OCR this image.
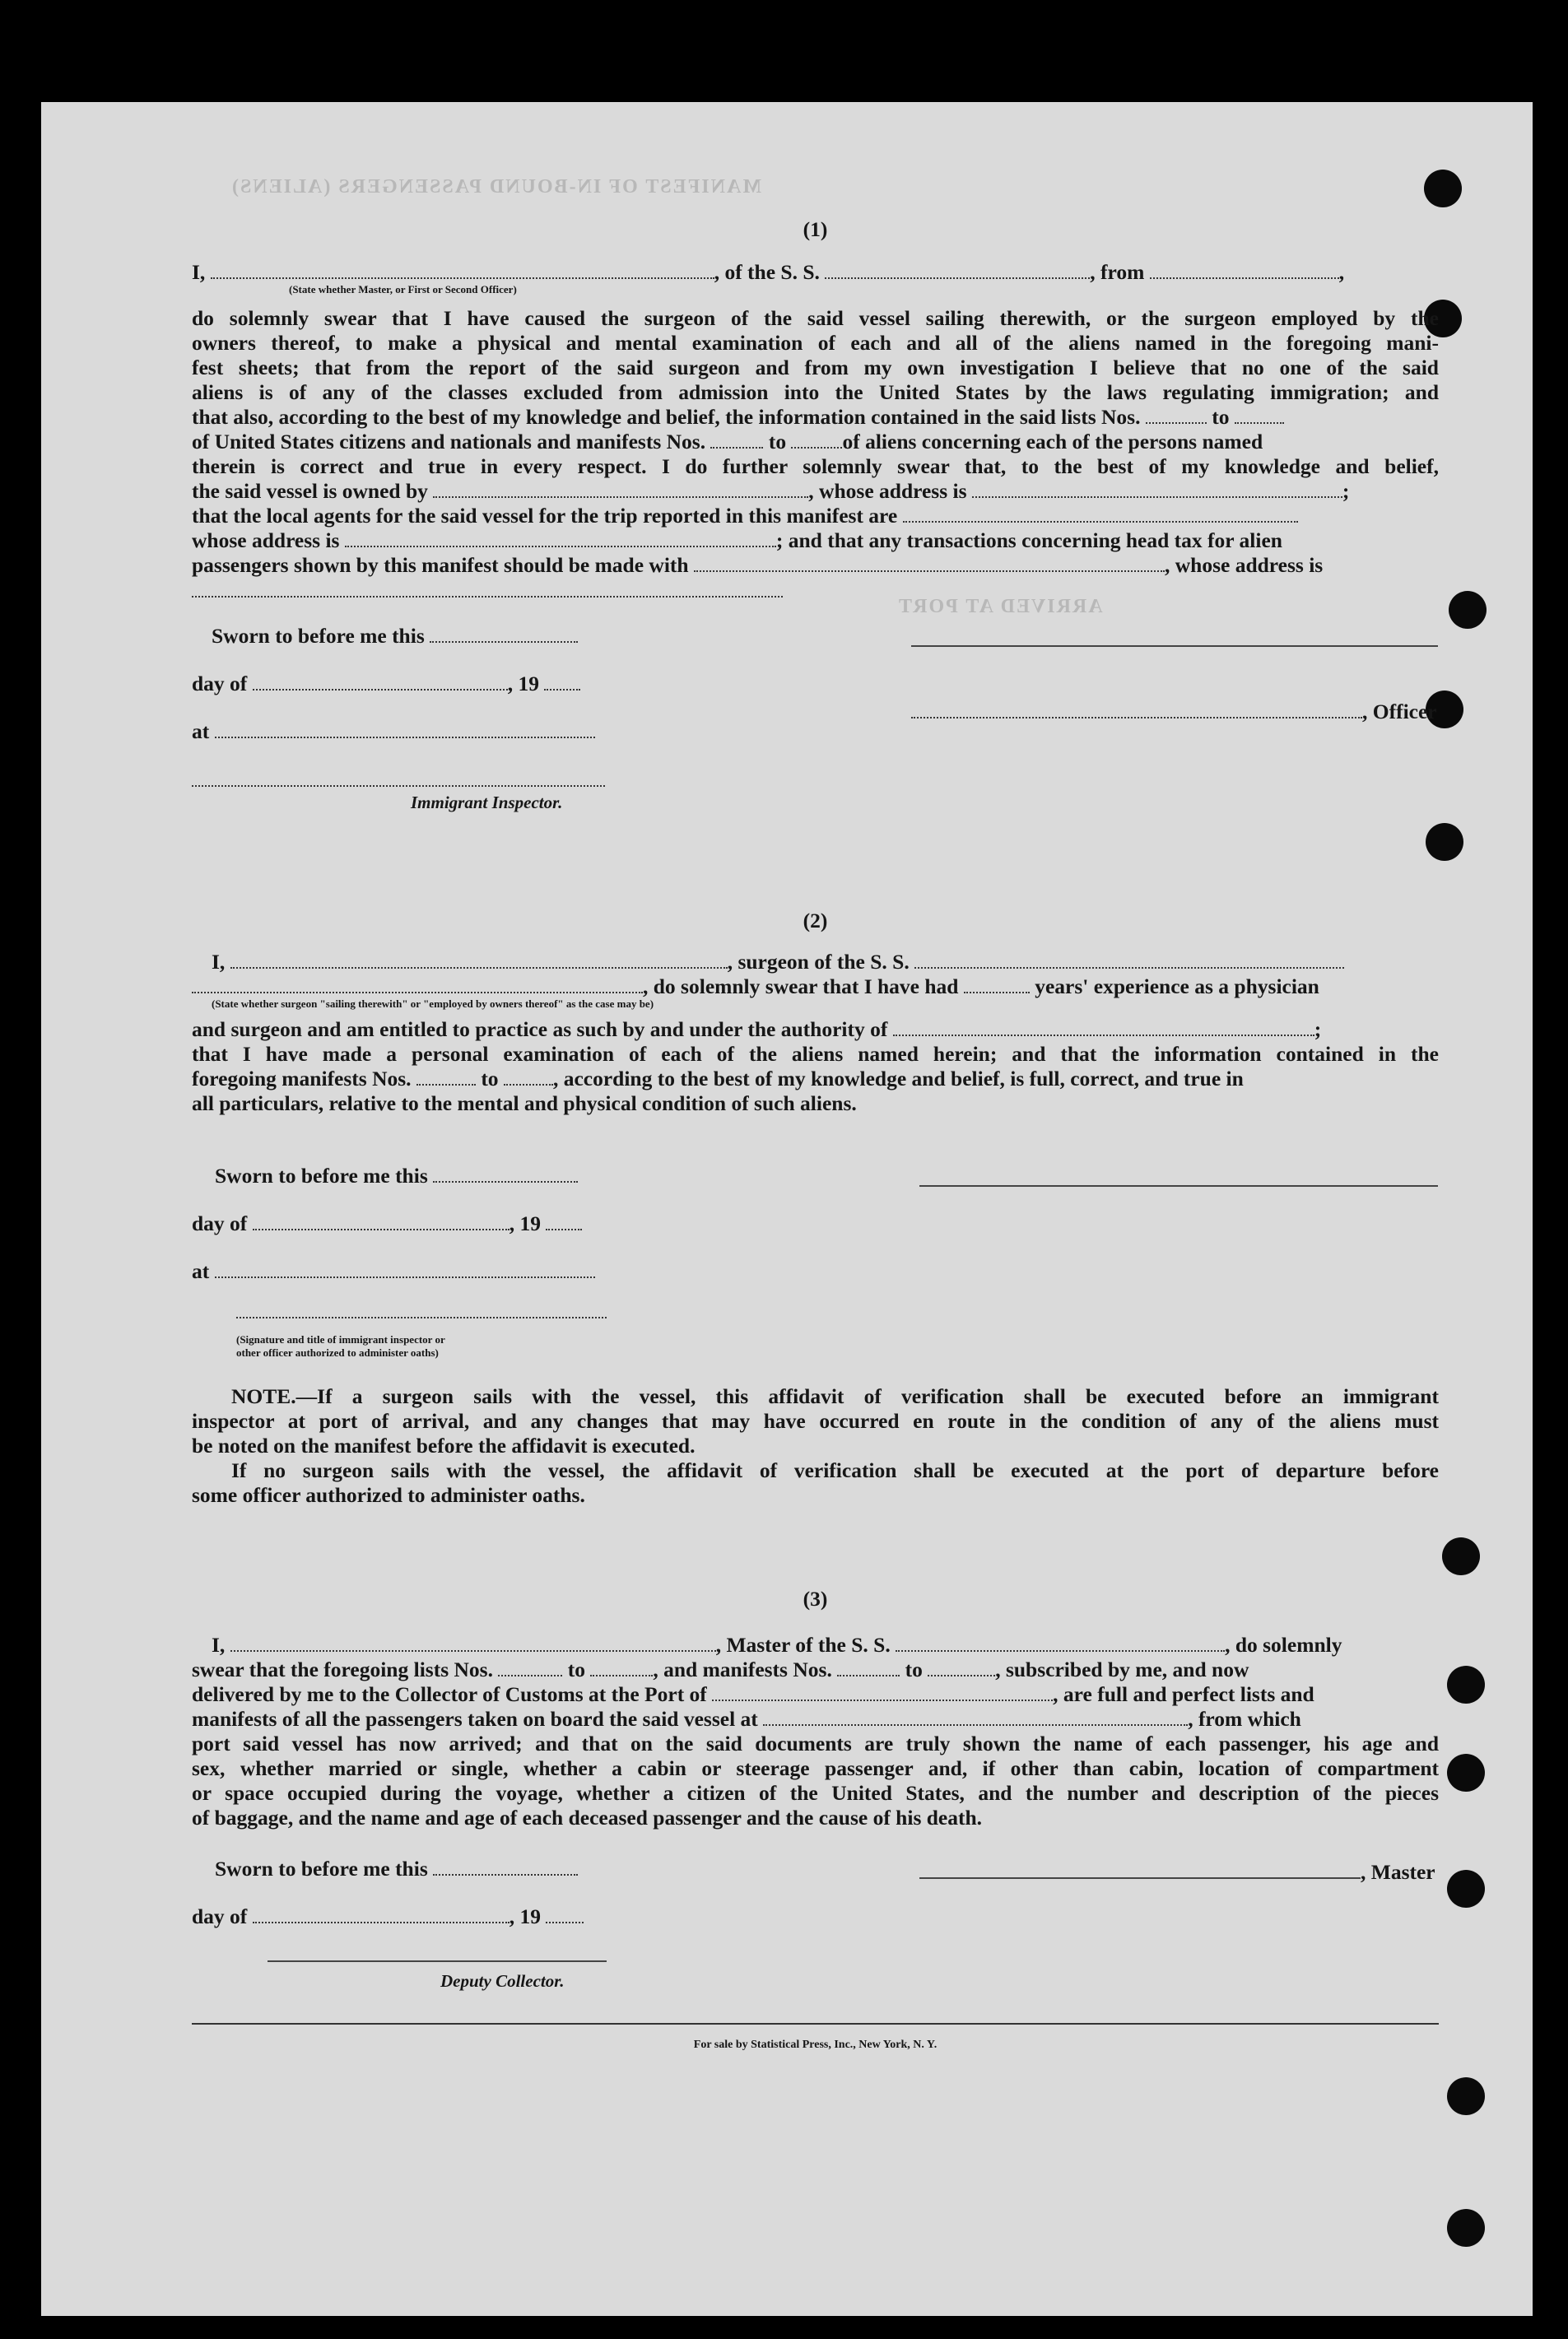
MANIFEST OF IN-BOUND PASSENGERS (ALIENS)
ARRIVED AT PORT
(1)
I,	, of the S. S.	, from	,
(State whether Master, or First or Second Officer)
do solemnly swear that I have caused the surgeon of the said vessel sailing therewith, or the surgeon employed by the
owners thereof, to make a physical and mental examination of each and all of the aliens named in the foregoing mani-
fest sheets; that from the report of the said surgeon and from my own investigation I believe that no one of the said
aliens is of any of the classes excluded from admission into the United States by the laws regulating immigration; and
that also, according to the best of my knowledge and belief, the information contained in the said lists Nos.	to
of United States citizens and nationals and manifests Nos.	to	of aliens concerning each of the persons named
therein is correct and true in every respect. I do further solemnly swear that, to the best of my knowledge and belief,
the said vessel is owned by	, whose address is	;
that the local agents for the said vessel for the trip reported in this manifest are
whose address is	; and that any transactions concerning head tax for alien
passengers shown by this manifest should be made with	, whose address is
Sworn to before me this
day of	, 19
, Officer
at
Immigrant Inspector.
(2)
I,	, surgeon of the S. S.
, do solemnly swear that I have had	years' experience as a physician
(State whether surgeon "sailing therewith" or "employed by owners thereof" as the case may be)
and surgeon and am entitled to practice as such by and under the authority of	;
that I have made a personal examination of each of the aliens named herein; and that the information contained in the
foregoing manifests Nos.	to	, according to the best of my knowledge and belief, is full, correct, and true in
all particulars, relative to the mental and physical condition of such aliens.
Sworn to before me this
day of	, 19
at
(Signature and title of immigrant inspector or
other officer authorized to administer oaths)
NOTE.—If a surgeon sails with the vessel, this affidavit of verification shall be executed before an immigrant
inspector at port of arrival, and any changes that may have occurred en route in the condition of any of the aliens must
be noted on the manifest before the affidavit is executed.
If no surgeon sails with the vessel, the affidavit of verification shall be executed at the port of departure before
some officer authorized to administer oaths.
(3)
I,	, Master of the S. S.	, do solemnly
swear that the foregoing lists Nos.	to	, and manifests Nos.	to	, subscribed by me, and now
delivered by me to the Collector of Customs at the Port of	, are full and perfect lists and
manifests of all the passengers taken on board the said vessel at	, from which
port said vessel has now arrived; and that on the said documents are truly shown the name of each passenger, his age and
sex, whether married or single, whether a cabin or steerage passenger and, if other than cabin, location of compartment
or space occupied during the voyage, whether a citizen of the United States, and the number and description of the pieces
of baggage, and the name and age of each deceased passenger and the cause of his death.
Sworn to before me this	, Master
day of	, 19
Deputy Collector.
For sale by Statistical Press, Inc., New York, N. Y.
